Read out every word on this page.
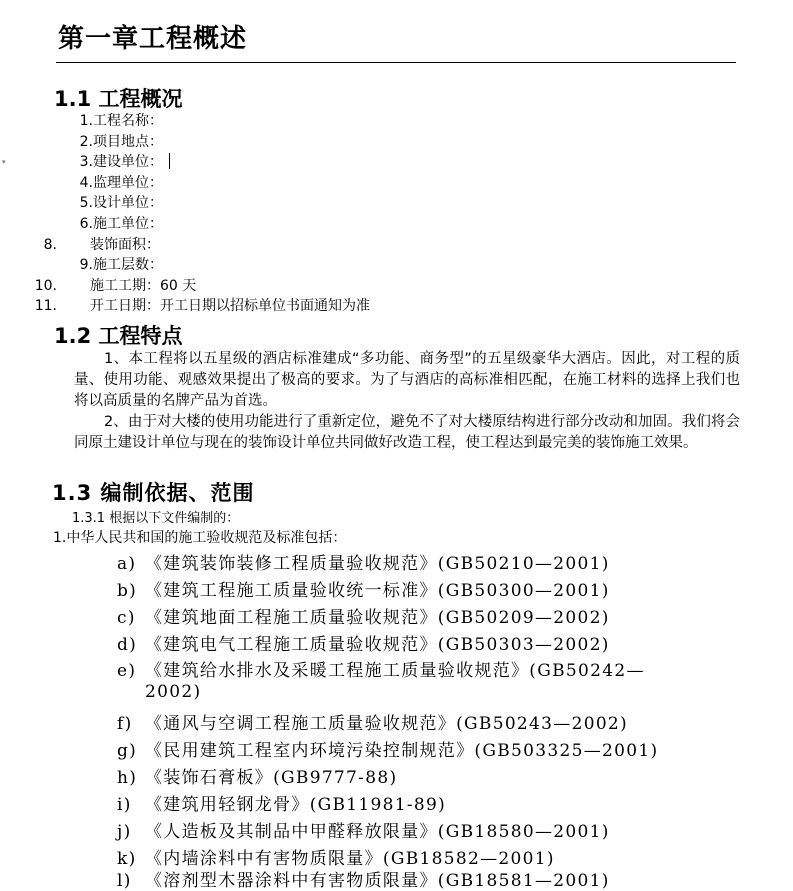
▾
第一章工程概述
1.1 工程概况
1. 工程名称：
2. 项目地点：
3. 建设单位：
4. 监理单位：
5. 设计单位：
6. 施工单位：
8. 装饰面积：
9. 施工层数：
10. 施工工期：60 天
11. 开工日期：开工日期以招标单位书面通知为准
1.2 工程特点
1、本工程将以五星级的酒店标准建成“多功能、商务型”的五星级豪华大酒店。因此，对工程的质量、使用功能、观感效果提出了极高的要求。为了与酒店的高标准相匹配，在施工材料的选择上我们也将以高质量的名牌产品为首选。
2、由于对大楼的使用功能进行了重新定位，避免不了对大楼原结构进行部分改动和加固。我们将会同原土建设计单位与现在的装饰设计单位共同做好改造工程，使工程达到最完美的装饰施工效果。
1.3 编制依据、范围
1.3.1 根据以下文件编制的：
1.中华人民共和国的施工验收规范及标准包括：
a) 《建筑装饰装修工程质量验收规范》(GB50210—2001)
b) 《建筑工程施工质量验收统一标准》(GB50300—2001)
c) 《建筑地面工程施工质量验收规范》(GB50209—2002)
d) 《建筑电气工程施工质量验收规范》(GB50303—2002)
e) 《建筑给水排水及采暖工程施工质量验收规范》(GB50242—
2002)
f) 《通风与空调工程施工质量验收规范》(GB50243—2002)
g) 《民用建筑工程室内环境污染控制规范》(GB503325—2001)
h) 《装饰石膏板》(GB9777-88)
i) 《建筑用轻钢龙骨》(GB11981-89)
j) 《人造板及其制品中甲醛释放限量》(GB18580—2001)
k) 《内墙涂料中有害物质限量》(GB18582—2001)
l) 《溶剂型木器涂料中有害物质限量》(GB18581—2001)
